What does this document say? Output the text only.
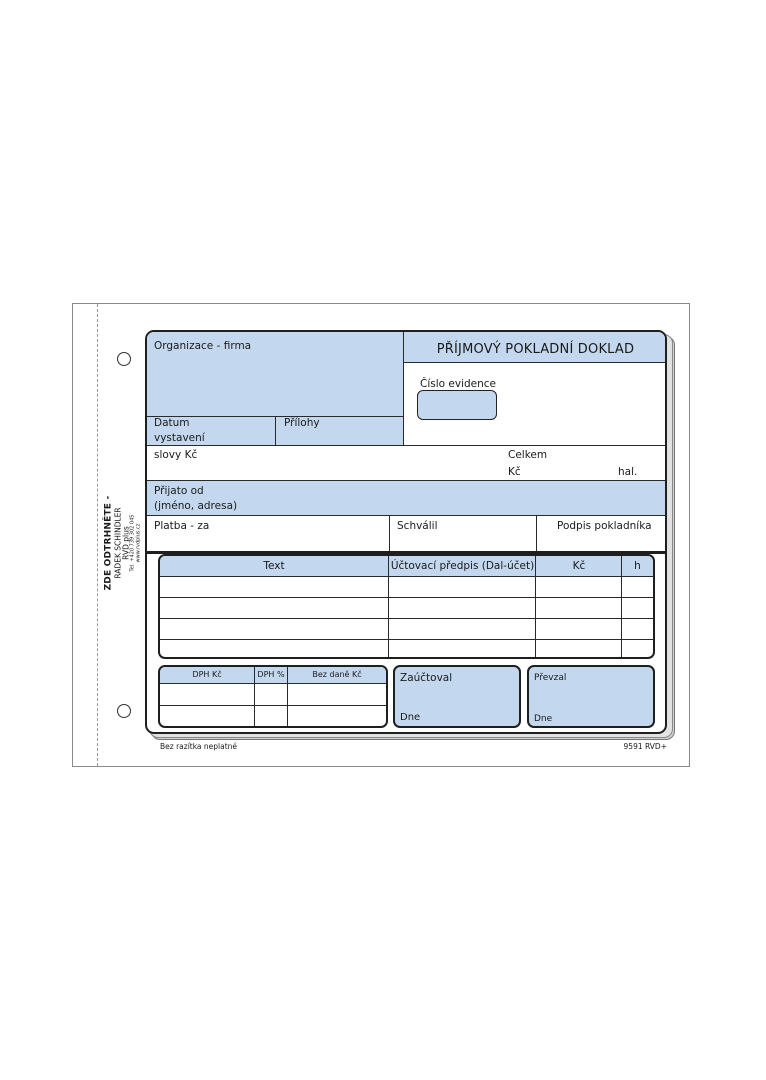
ZDE ODTRHNĚTE - RADEK SCHINDLER RVD plus Tel. +420 739 302 045 www.rvdplus.cz
Organizace - firma	PŘÍJMOVÝ POKLADNÍ DOKLAD
Číslo evidence
Datum
vystavení
Přílohy
slovy Kč	Celkem
Kč	hal.
Přijato od
(jméno, adresa)
Platba - za	Schválil	Podpis pokladníka
Text	Účtovací předpis (Dal-účet)	Kč	h
DPH Kč	DPH %	Bez daně Kč	Zaúčtoval
Dne
Převzal
Dne
Bez razítka neplatné	9591 RVD+
